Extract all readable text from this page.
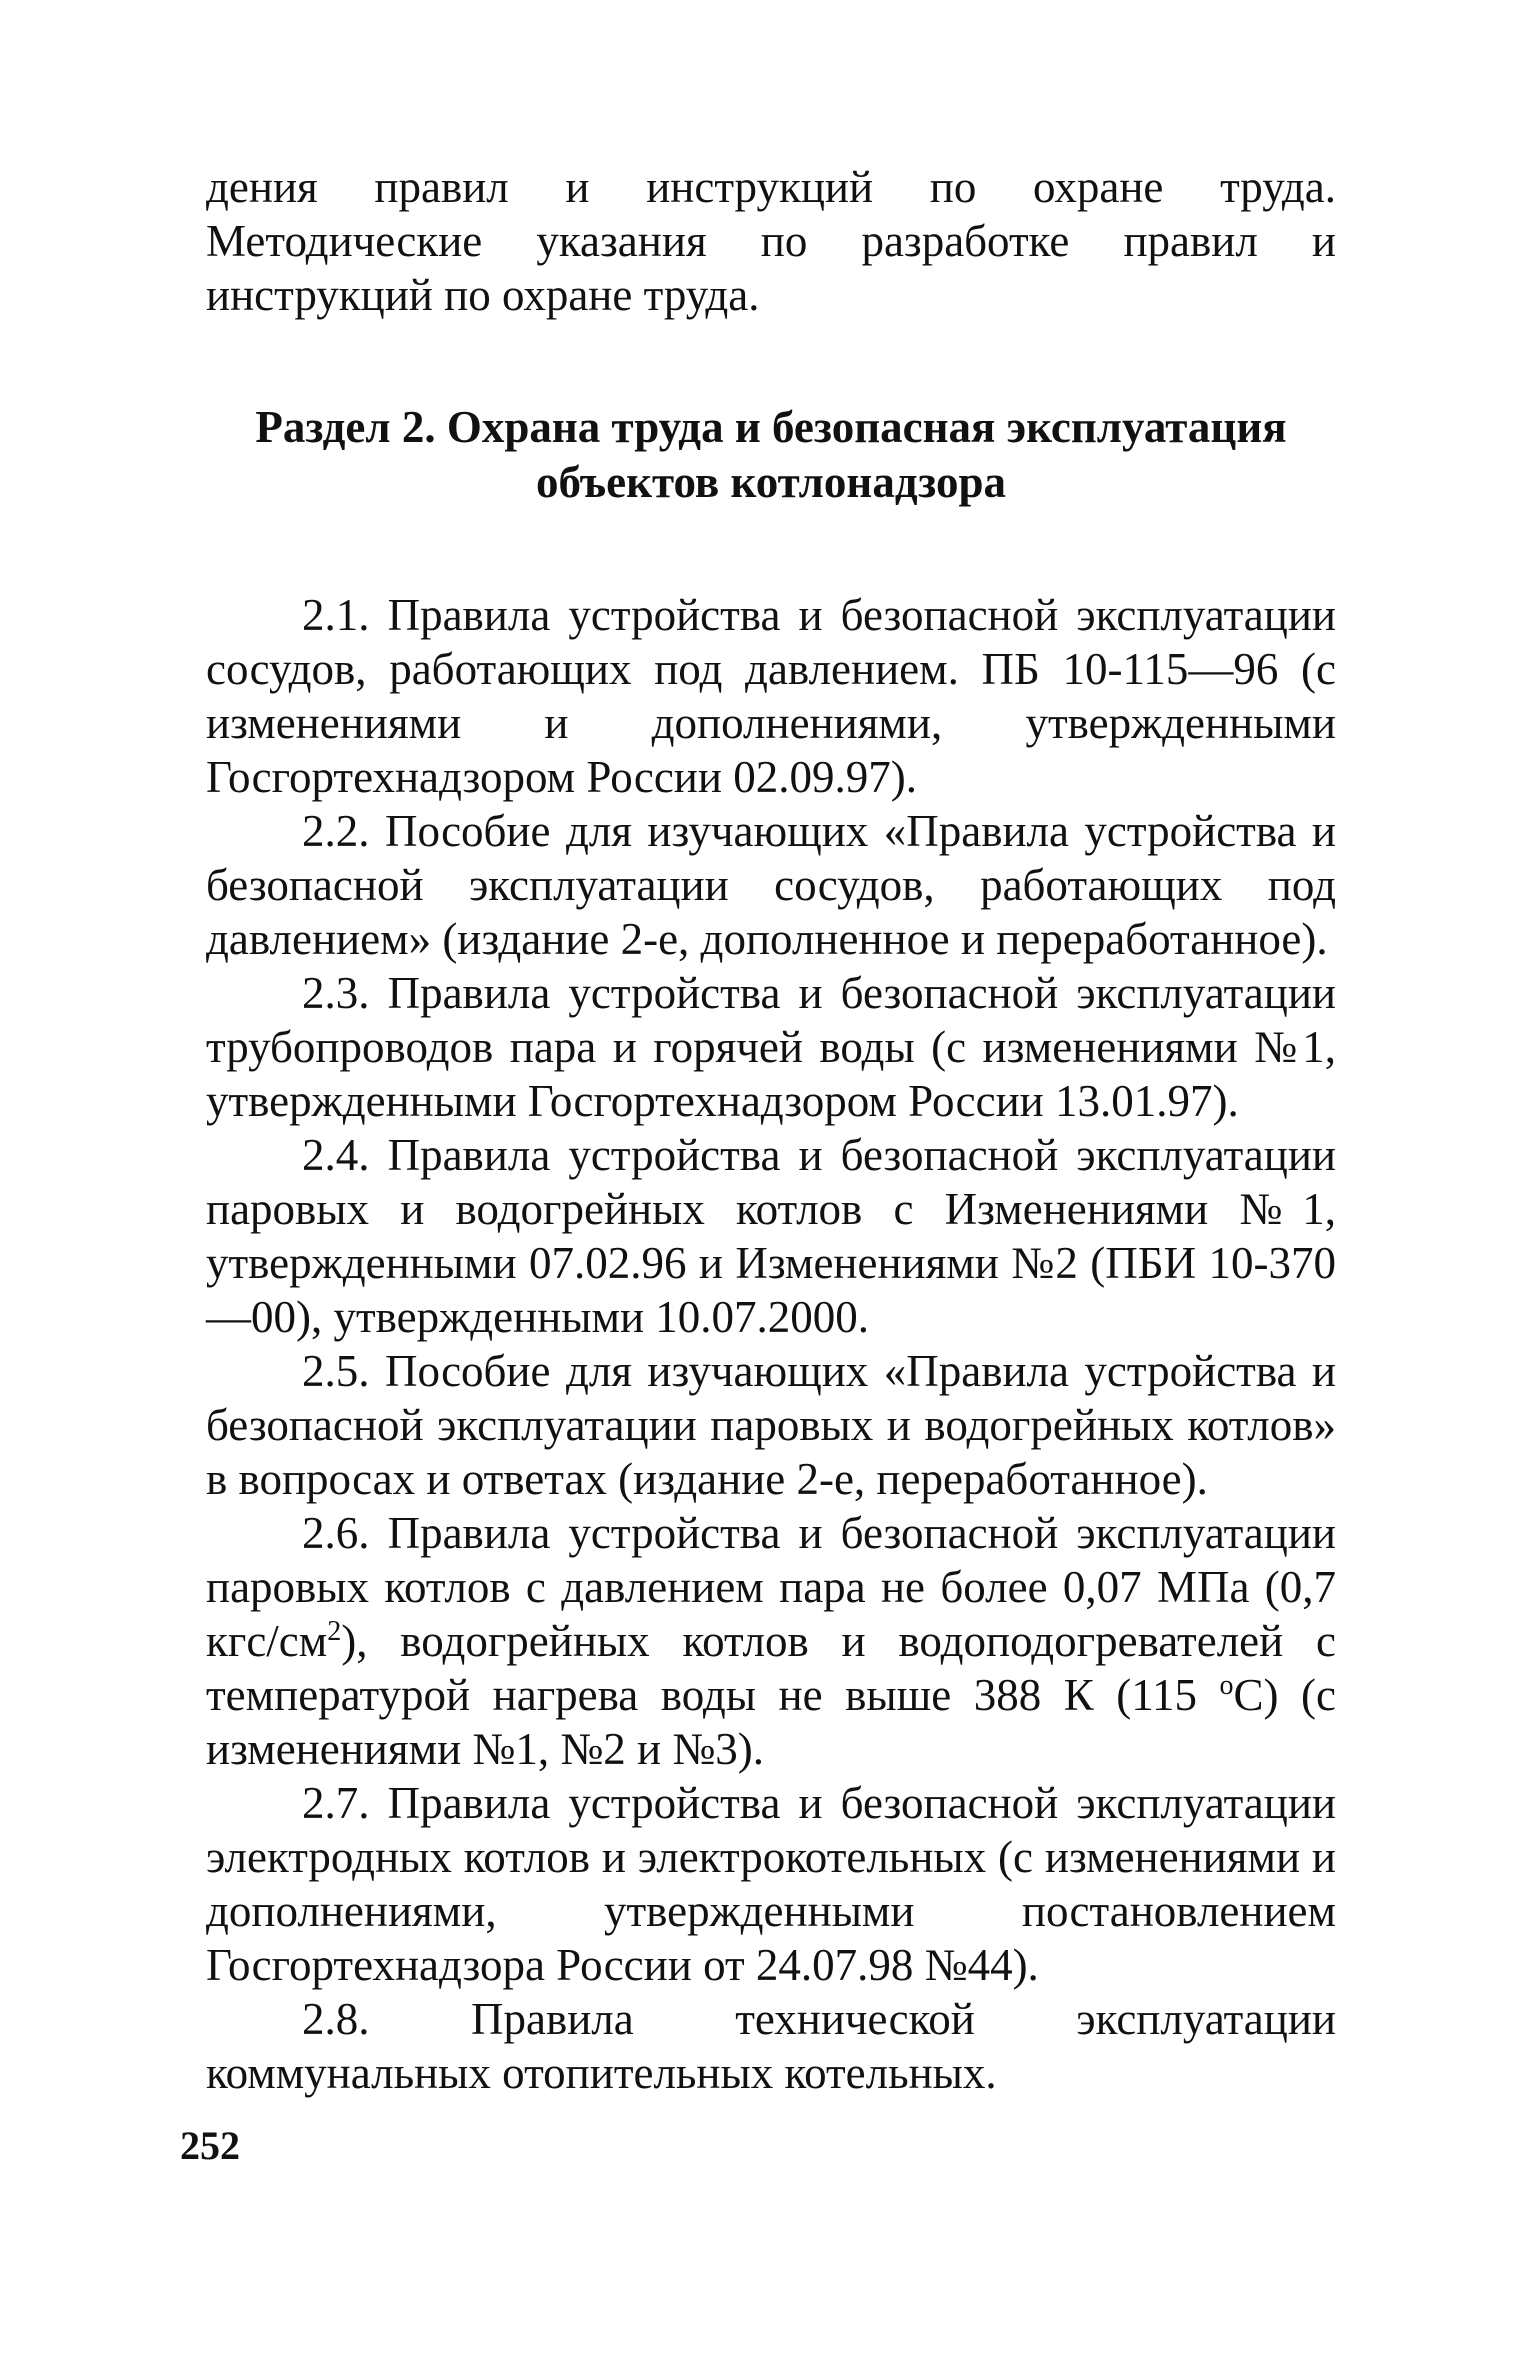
дения правил и инструкций по охране труда. Методические указания по разработке правил и инструкций по охране труда.

Раздел 2. Охрана труда и безопасная эксплуатация
объектов котлонадзора

2.1. Правила устройства и безопасной эксплуатации сосудов, работающих под давлением. ПБ 10-115—96 (с изменениями и дополнениями, утвержденными Госгортехнадзором России 02.09.97).

2.2. Пособие для изучающих «Правила устройства и безопасной эксплуатации сосудов, работающих под давлением» (издание 2-е, дополненное и переработанное).

2.3. Правила устройства и безопасной эксплуатации трубопроводов пара и горячей воды (с изменениями №1, утвержденными Госгортехнадзором России 13.01.97).

2.4. Правила устройства и безопасной эксплуатации паровых и водогрейных котлов с Изменениями №1, утвержденными 07.02.96 и Изменениями №2 (ПБИ 10-370—00), утвержденными 10.07.2000.

2.5. Пособие для изучающих «Правила устройства и безопасной эксплуатации паровых и водогрейных котлов» в вопросах и ответах (издание 2-е, переработанное).

2.6. Правила устройства и безопасной эксплуатации паровых котлов с давлением пара не более 0,07 МПа (0,7 кгс/$см^2$), водогрейных котлов и водоподогревателей с температурой нагрева воды не выше 388 К (115 $^о$С) (с изменениями №1, №2 и №3).

2.7. Правила устройства и безопасной эксплуатации электродных котлов и электрокотельных (с изменениями и дополнениями, утвержденными постановлением Госгортехнадзора России от 24.07.98 №44).

2.8. Правила технической эксплуатации коммунальных отопительных котельных.

252
